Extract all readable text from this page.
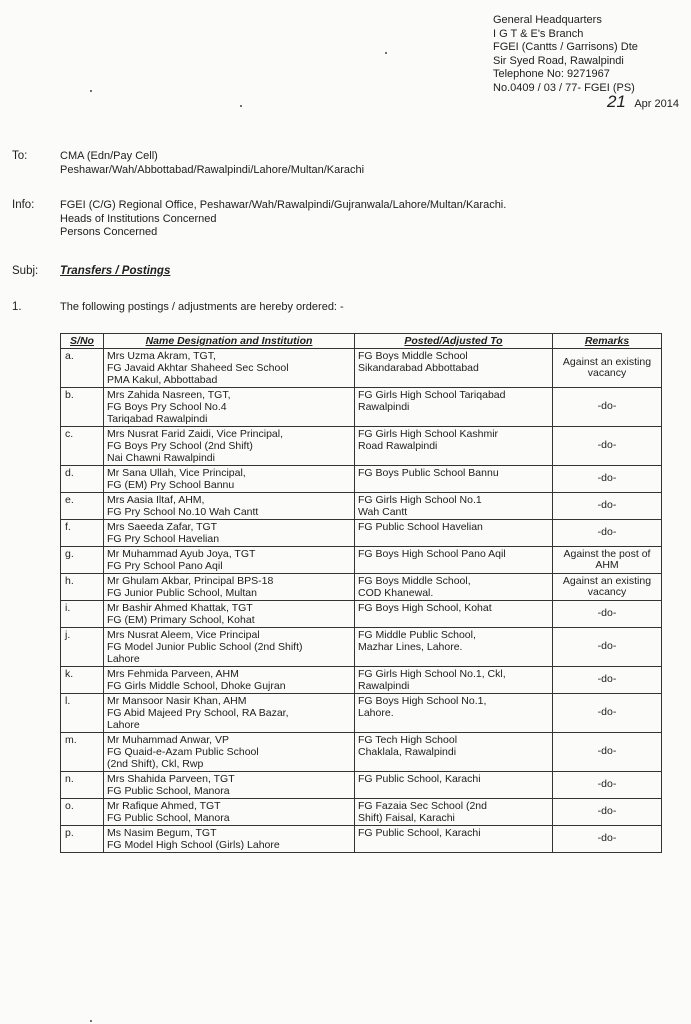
General Headquarters
I G T & E's Branch
FGEI (Cantts / Garrisons) Dte
Sir Syed Road, Rawalpindi
Telephone No: 9271967
No.0409 / 03 / 77- FGEI (PS)
21 Apr 2014
To:	CMA (Edn/Pay Cell)
Peshawar/Wah/Abbottabad/Rawalpindi/Lahore/Multan/Karachi
Info: FGEI (C/G) Regional Office, Peshawar/Wah/Rawalpindi/Gujranwala/Lahore/Multan/Karachi.
Heads of Institutions Concerned
Persons Concerned
Subj: Transfers / Postings
1.	The following postings / adjustments are hereby ordered: -
S/No	Name Designation and Institution	Posted/Adjusted To	Remarks
a.	Mrs Uzma Akram, TGT,
FG Javaid Akhtar Shaheed Sec School
PMA Kakul, Abbottabad	FG Boys Middle School
Sikandarabad Abbottabad	Against an existing vacancy
b.	Mrs Zahida Nasreen, TGT,
FG Boys Pry School No.4
Tariqabad Rawalpindi	FG Girls High School Tariqabad
Rawalpindi	-do-
c.	Mrs Nusrat Farid Zaidi, Vice Principal,
FG Boys Pry School (2nd Shift)
Nai Chawni Rawalpindi	FG Girls High School Kashmir
Road Rawalpindi	-do-
d.	Mr Sana Ullah, Vice Principal,
FG (EM) Pry School Bannu	FG Boys Public School Bannu	-do-
e.	Mrs Aasia Iltaf, AHM,
FG Pry School No.10 Wah Cantt	FG Girls High School No.1
Wah Cantt	-do-
f.	Mrs Saeeda Zafar, TGT
FG Pry School Havelian	FG Public School Havelian	-do-
g.	Mr Muhammad Ayub Joya, TGT
FG Pry School Pano Aqil	FG Boys High School Pano Aqil	Against the post of AHM
h.	Mr Ghulam Akbar, Principal BPS-18
FG Junior Public School, Multan	FG Boys Middle School,
COD Khanewal.	Against an existing vacancy
i.	Mr Bashir Ahmed Khattak, TGT
FG (EM) Primary School, Kohat	FG Boys High School, Kohat	-do-
j.	Mrs Nusrat Aleem, Vice Principal
FG Model Junior Public School (2nd Shift)
Lahore	FG Middle Public School,
Mazhar Lines, Lahore.	-do-
k.	Mrs Fehmida Parveen, AHM
FG Girls Middle School, Dhoke Gujran	FG Girls High School No.1, Ckl,
Rawalpindi	-do-
l.	Mr Mansoor Nasir Khan, AHM
FG Abid Majeed Pry School, RA Bazar,
Lahore	FG Boys High School No.1,
Lahore.	-do-
m.	Mr Muhammad Anwar, VP
FG Quaid-e-Azam Public School
(2nd Shift), Ckl, Rwp	FG Tech High School
Chaklala, Rawalpindi	-do-
n.	Mrs Shahida Parveen, TGT
FG Public School, Manora	FG Public School, Karachi	-do-
o.	Mr Rafique Ahmed, TGT
FG Public School, Manora	FG Fazaia Sec School (2nd
Shift) Faisal, Karachi	-do-
p.	Ms Nasim Begum, TGT
FG Model High School (Girls) Lahore	FG Public School, Karachi	-do-
